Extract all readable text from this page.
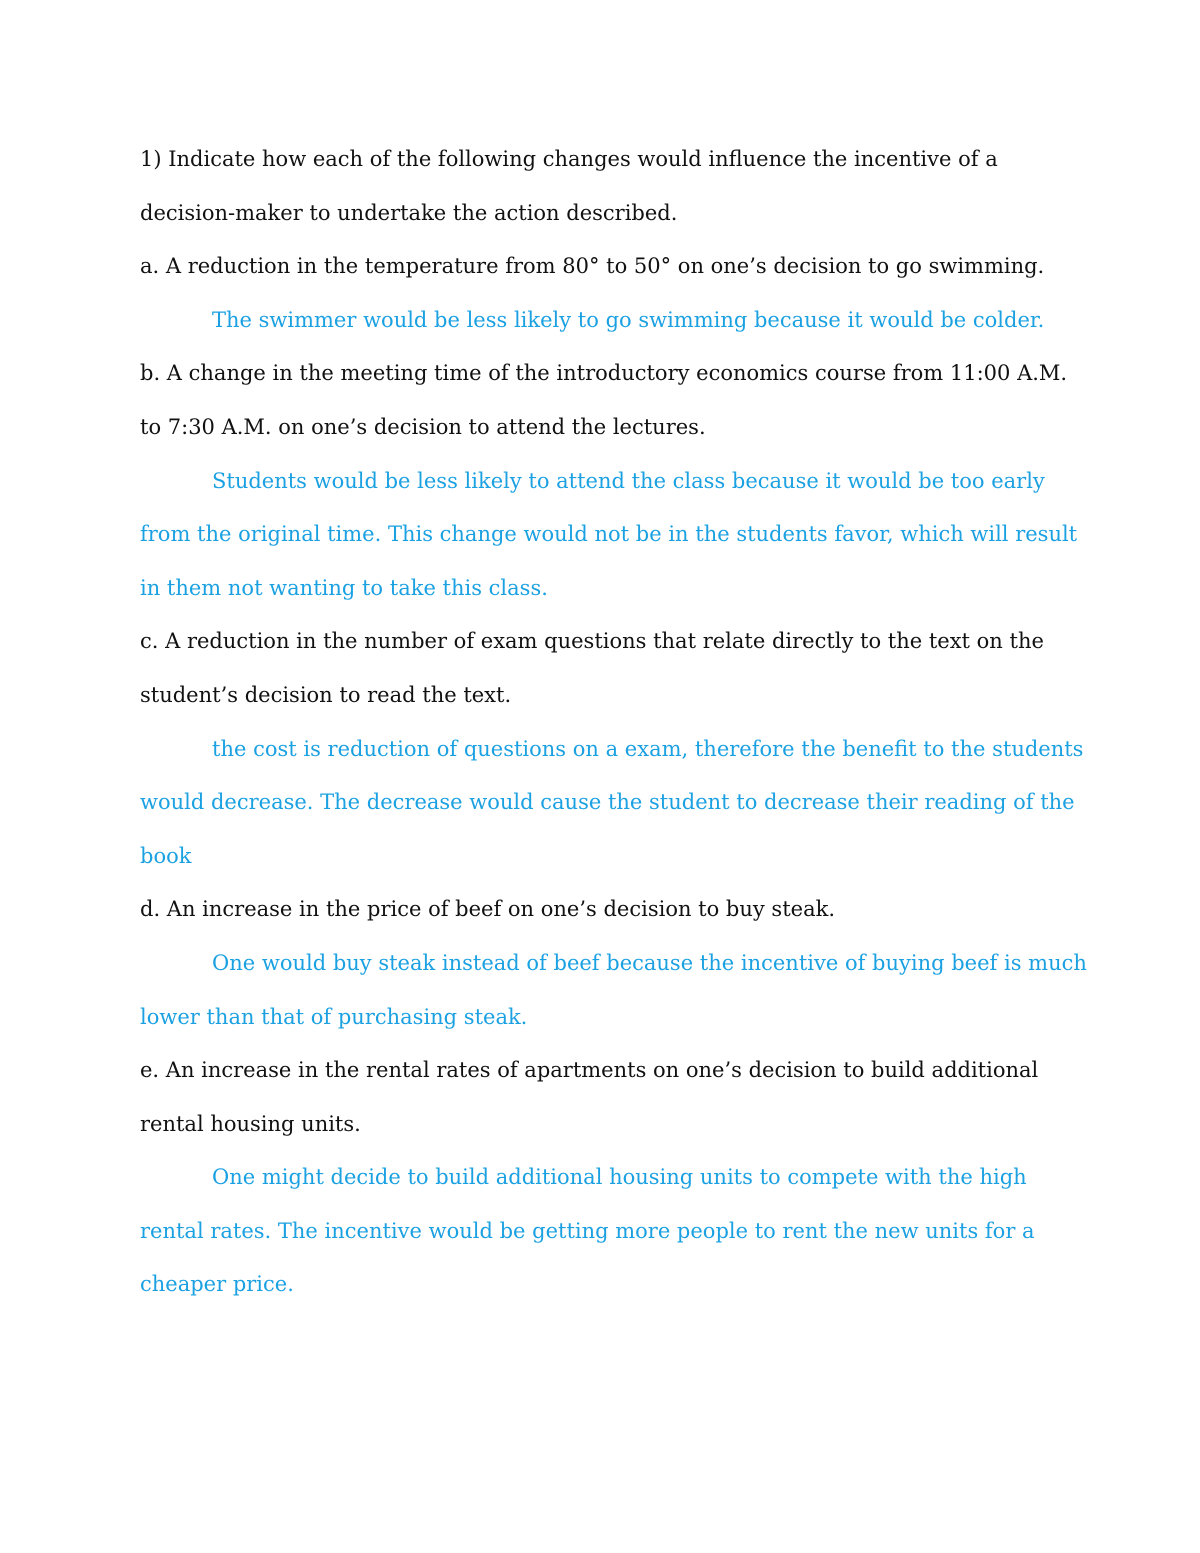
1) Indicate how each of the following changes would influence the incentive of a
decision-maker to undertake the action described.

a. A reduction in the temperature from 80° to 50° on one’s decision to go swimming.

The swimmer would be less likely to go swimming because it would be colder.

b. A change in the meeting time of the introductory economics course from 11:00 A.M.
to 7:30 A.M. on one’s decision to attend the lectures.

Students would be less likely to attend the class because it would be too early
from the original time. This change would not be in the students favor, which will result
in them not wanting to take this class.

c. A reduction in the number of exam questions that relate directly to the text on the
student’s decision to read the text.

the cost is reduction of questions on a exam, therefore the benefit to the students
would decrease. The decrease would cause the student to decrease their reading of the
book

d. An increase in the price of beef on one’s decision to buy steak.

One would buy steak instead of beef because the incentive of buying beef is much
lower than that of purchasing steak.

e. An increase in the rental rates of apartments on one’s decision to build additional
rental housing units.

One might decide to build additional housing units to compete with the high
rental rates. The incentive would be getting more people to rent the new units for a
cheaper price.
